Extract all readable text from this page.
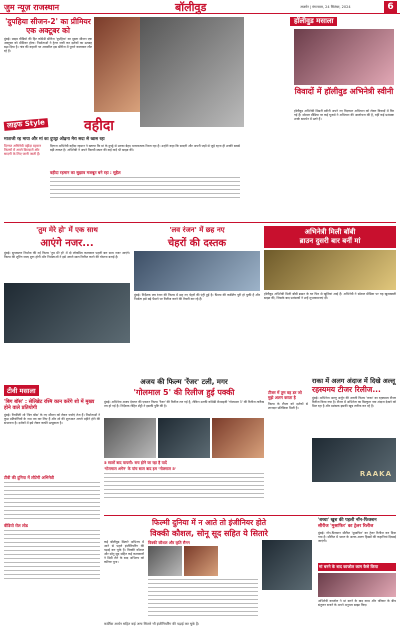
जुम न्यूज़ राजस्थान	बॉलीवुड	अजमेर | मंगलवार, 24 सितंबर, 2024	6
'दुपहिया सीजन-2' का प्रीमियर एक अक्टूबर को
मुंबई। प्राइम वीडियो की हिट कॉमेडी सीरीज 'दुपहिया' का दूसरा सीजन एक अक्टूबर को प्रीमियर होगा। निर्माताओं ने ट्रेलर जारी कर दर्शकों का उत्साह बढ़ा दिया है। गांव की कहानी पर आधारित इस सीरीज में पुराने कलाकार लौट रहे हैं।
लाइफ Style	वहीदा
माताजी रह माया और मां का दुपट्टा ओढ़ना मेरा सदा से खास रहा
दिग्गज अभिनेत्री वहीदा रहमान फिल्मों में अपने किरदारों और सादगी के लिए जानी जाती हैं।
दिग्गज अभिनेत्री वहीदा रहमान ने बताया कि मां के दुपट्टे से उनका बेहद भावनात्मक रिश्ता रहा है। उन्होंने कहा कि सादगी और अपनी जड़ों से जुड़े रहना ही उनकी सबसे बड़ी ताकत है। अभिनेत्री ने अपने फिल्मी सफर की कई यादें भी साझा कीं।
वहीदा रहमान का सुझाव मजबूत बने रहा : सुहैल
हॉलीवुड मसाला
विवादों में हॉलीवुड अभिनेत्री स्वीनी
हॉलीवुड अभिनेत्री सिडनी स्वीनी अपने नए विज्ञापन अभियान को लेकर विवादों में घिर गई हैं। सोशल मीडिया पर कई यूजर्स ने अभियान की आलोचना की है, वहीं कई प्रशंसक उनके समर्थन में उतरे हैं।
'तुम मेरे हो' में एक साथ
आएंगे नजर...
मुंबई। सुपरस्टार निर्माता की नई फिल्म 'तुम मेरे हो' में दो लोकप्रिय कलाकार पहली बार साथ नजर आएंगे। फिल्म की शूटिंग जल्द शुरू होगी और निर्माताओं ने इसे अगले साल रिलीज करने की योजना बनाई है।
'लव रंजन' में छह नए
चेहरों की दस्तक
मुंबई। निर्देशक लव रंजन की फिल्म में छह नए चेहरों की एंट्री हुई है। फिल्म की कास्टिंग पूरी हो चुकी है और निर्माता इसे बड़े पैमाने पर रिलीज करने की तैयारी कर रहे हैं।
अभिनेत्री मिली बॉबी
ब्राउन दुसरी बार बनीं मां
हॉलीवुड अभिनेत्री मिली बॉबी ब्राउन के घर फिर से खुशियां आई हैं। अभिनेत्री ने सोशल मीडिया पर यह खुशखबरी साझा की, जिसके बाद प्रशंसकों ने उन्हें शुभकामनाएं दीं।
टीवी मसाला
'बिग बॉस' : सेलिब्रेट रश्मि कान करेंगे शो में मुख्य होने वाले प्रतियोगी
मुंबई। रियलिटी शो 'बिग बॉस' के नए सीजन को लेकर चर्चाएं तेज हैं। निर्माताओं ने कुछ प्रतियोगियों के नाम तय कर लिए हैं और शो की शुरुआत अगले महीने होने की संभावना है। दर्शकों में इसे लेकर काफी उत्सुकता है।
टीवी की दुनिया में लौटेगी अभिनेत्री
वीडियो रोल लोड
अजय की फिल्म 'रेंजर' टली, मगर
'गोलमाल 5' की रिलीज हुई पक्की
मुंबई। अभिनेता अजय देवगन की एक्शन फिल्म 'रेंजर' की रिलीज टल गई है, लेकिन उनकी कॉमेडी फ्रेंचाइजी 'गोलमाल 5' की रिलीज तारीख तय हो गई है। निर्देशक रोहित शेट्टी ने इसकी पुष्टि की है।
5 सालों बाद वापसी: सच होने जा रहा है यादें
'गोलमाल अगेन' के पांच साल बाद हम 'गोलमाल 5'
टीजर में तुम वह डर जो मुझे अलग करता है
फिल्म के टीजर को दर्शकों से शानदार प्रतिक्रिया मिली है।
राका में अलग अंदाज में दिखे अल्लू
रहस्यमय टीजर रिलीज...
मुंबई। अभिनेता अल्लू अर्जुन की अगली फिल्म 'राका' का रहस्यमय टीजर रिलीज किया गया है। टीजर में अभिनेता का बिल्कुल नया अंदाज देखने को मिल रहा है और प्रशंसक इसकी खूब तारीफ कर रहे हैं।
RAAKA
फिल्मी दुनिया में न आते तो इंजीनियर होते
विक्की कौशल, सोनू सूद सहित ये सितारे
कई बॉलीवुड सितारे अभिनय में आने से पहले इंजीनियरिंग की पढ़ाई कर चुके हैं। विक्की कौशल और सोनू सूद सहित कई कलाकारों ने डिग्री लेने के बाद अभिनय को करियर चुना।
विक्की कौशल और कृति सैनन
कार्तिक आर्यन सहित कई अन्य सितारे भी इंजीनियरिंग की पढ़ाई कर चुके हैं।
'बच्चा' खुश की पहली नॉन-फिक्शन
सीरीज 'मुसाफिर' का ट्रेलर रिलीज
मुंबई। नॉन-फिक्शन सीरीज 'मुसाफिर' का ट्रेलर रिलीज कर दिया गया है। सीरीज में भारत के अलग-अलग हिस्सों की कहानियां दिखाई जाएंगी।
मां बनने के बाद काजोल काम कैसे किया
अभिनेत्री काजोल ने मां बनने के बाद काम और परिवार के बीच संतुलन बनाने के अपने अनुभव साझा किए।
